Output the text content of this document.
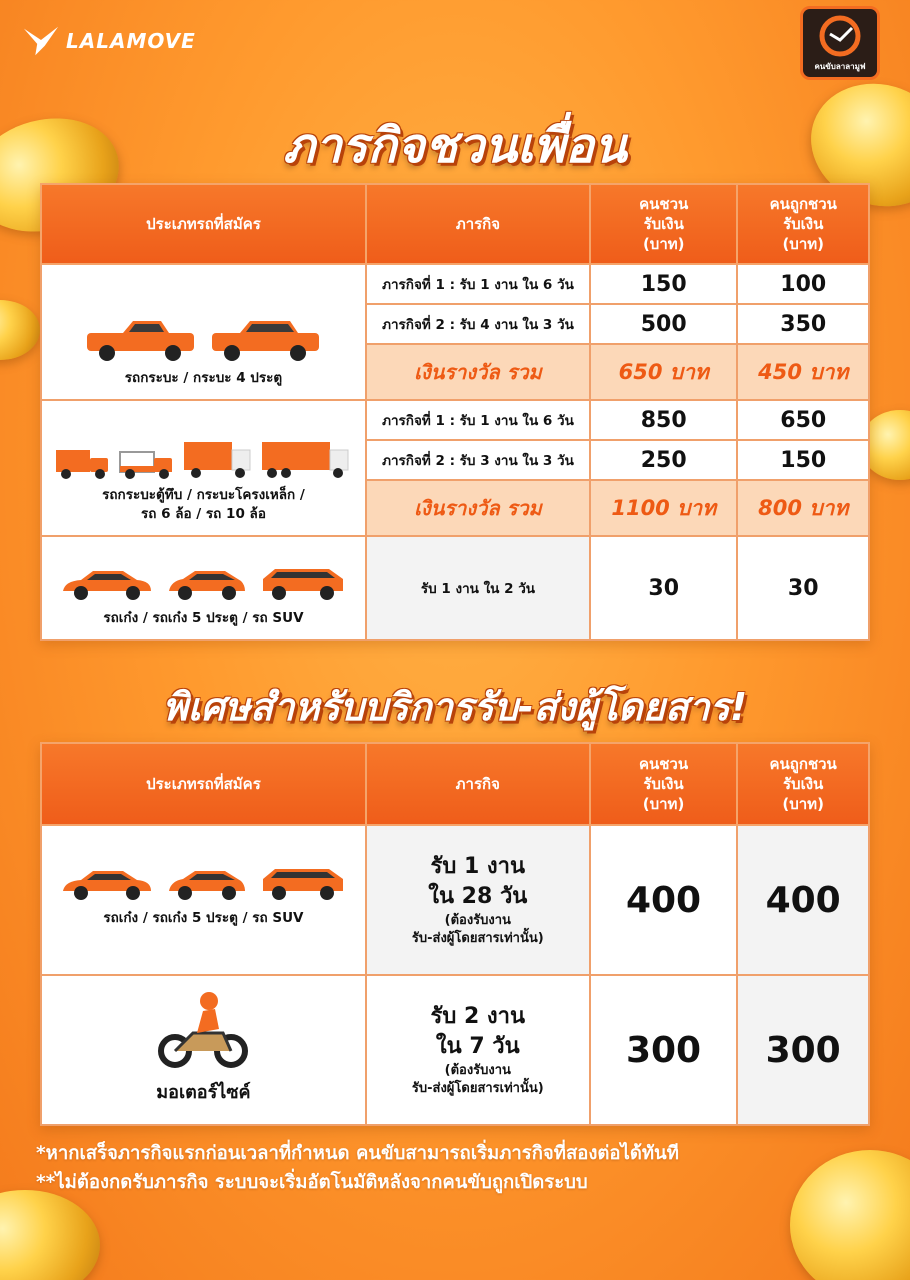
LALAMOVE
คนขับลาลามูฟ
ภารกิจชวนเพื่อน
ประเภทรถที่สมัคร	ภารกิจ	คนชวน
รับเงิน
(บาท)	คนถูกชวน
รับเงิน
(บาท)

รถกระบะ / กระบะ 4 ประตู	ภารกิจที่ 1 : รับ 1 งาน ใน 6 วัน	150	100
	ภารกิจที่ 2 : รับ 4 งาน ใน 3 วัน	500	350
	เงินรางวัล รวม	650 บาท	450 บาท

รถกระบะตู้ทึบ / กระบะโครงเหล็ก /
รถ 6 ล้อ / รถ 10 ล้อ	ภารกิจที่ 1 : รับ 1 งาน ใน 6 วัน	850	650
	ภารกิจที่ 2 : รับ 3 งาน ใน 3 วัน	250	150
	เงินรางวัล รวม	1100 บาท	800 บาท

รถเก๋ง / รถเก๋ง 5 ประตู / รถ SUV	รับ 1 งาน ใน 2 วัน	30	30
พิเศษสำหรับบริการรับ-ส่งผู้โดยสาร!
ประเภทรถที่สมัคร	ภารกิจ	คนชวน
รับเงิน
(บาท)	คนถูกชวน
รับเงิน
(บาท)

รถเก๋ง / รถเก๋ง 5 ประตู / รถ SUV	รับ 1 งาน
ใน 28 วัน
(ต้องรับงาน
รับ-ส่งผู้โดยสารเท่านั้น)	400	400

มอเตอร์ไซค์	รับ 2 งาน
ใน 7 วัน
(ต้องรับงาน
รับ-ส่งผู้โดยสารเท่านั้น)	300	300
*หากเสร็จภารกิจแรกก่อนเวลาที่กำหนด คนขับสามารถเริ่มภารกิจที่สองต่อได้ทันที
**ไม่ต้องกดรับภารกิจ ระบบจะเริ่มอัตโนมัติหลังจากคนขับถูกเปิดระบบ
